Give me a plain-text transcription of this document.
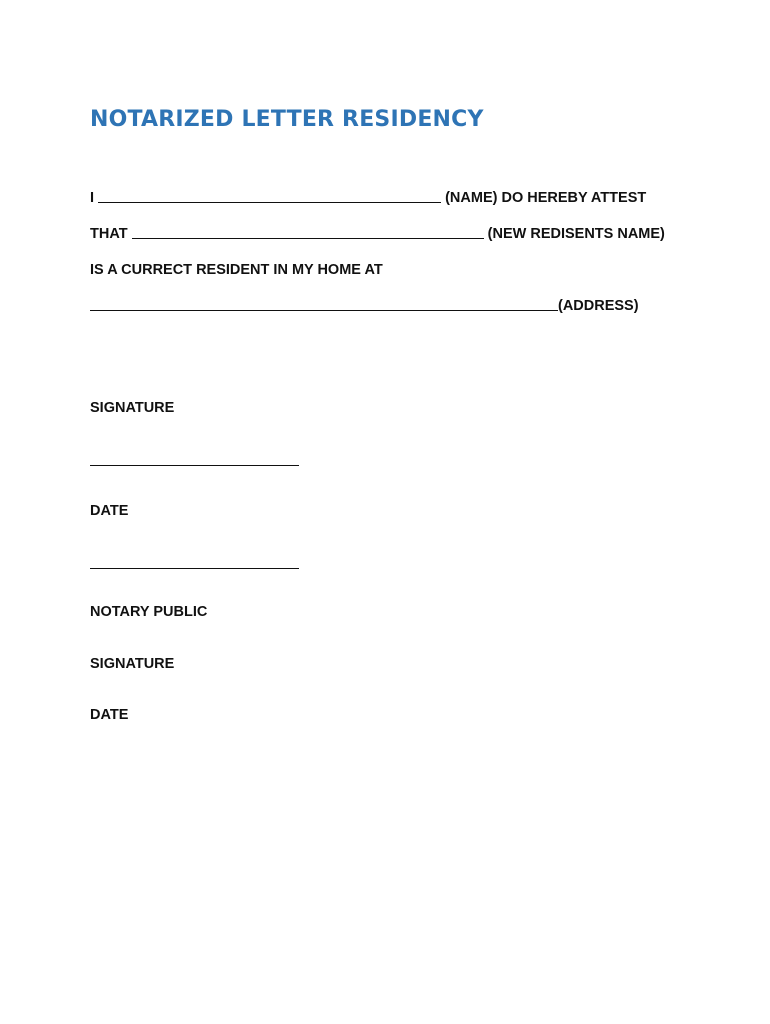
NOTARIZED LETTER RESIDENCY

I	(NAME) DO HEREBY ATTEST

THAT	(NEW REDISENTS NAME)

IS A CURRECT RESIDENT IN MY HOME AT

(ADDRESS)

SIGNATURE

DATE

NOTARY PUBLIC

SIGNATURE

DATE
